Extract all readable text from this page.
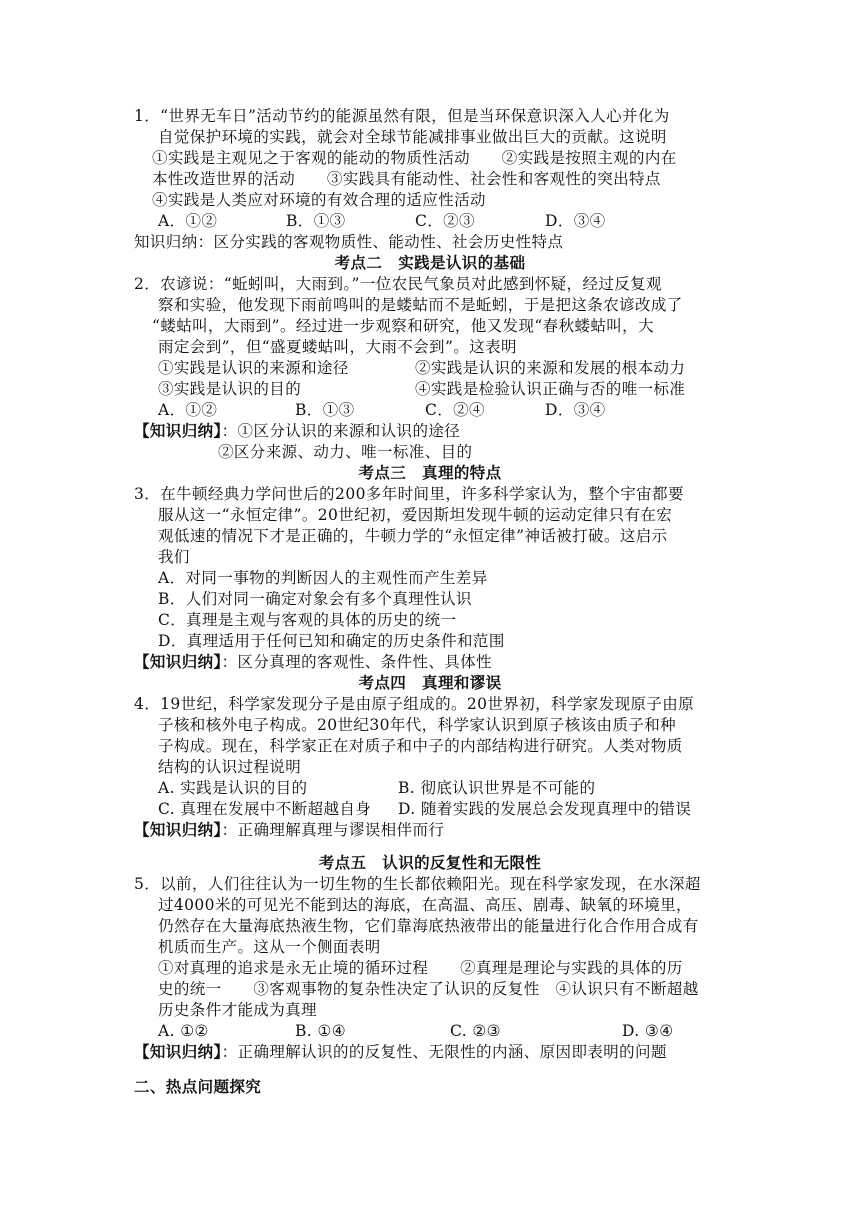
1．“世界无车日”活动节约的能源虽然有限，但是当环保意识深入人心并化为
自觉保护环境的实践，就会对全球节能减排事业做出巨大的贡献。这说明
①实践是主观见之于客观的能动的物质性活动　　②实践是按照主观的内在
本性改造世界的活动　　③实践具有能动性、社会性和客观性的突出特点
④实践是人类应对环境的有效合理的适应性活动
A．①②	B．①③	C．②③	D．③④
知识归纳：区分实践的客观物质性、能动性、社会历史性特点
考点二　实践是认识的基础
2．农谚说：“蚯蚓叫，大雨到。”一位农民气象员对此感到怀疑，经过反复观
察和实验，他发现下雨前鸣叫的是蝼蛄而不是蚯蚓，于是把这条农谚改成了
“蝼蛄叫，大雨到”。经过进一步观察和研究，他又发现“春秋蝼蛄叫，大
雨定会到”，但“盛夏蝼蛄叫，大雨不会到”。这表明
①实践是认识的来源和途径	②实践是认识的来源和发展的根本动力
③实践是认识的目的	④实践是检验认识正确与否的唯一标准
A．①②	B．①③	C．②④	D．③④
【知识归纳】：①区分认识的来源和认识的途径
②区分来源、动力、唯一标准、目的
考点三　真理的特点
3．在牛顿经典力学问世后的200多年时间里，许多科学家认为，整个宇宙都要
服从这一“永恒定律”。20世纪初，爱因斯坦发现牛顿的运动定律只有在宏
观低速的情况下才是正确的，牛顿力学的“永恒定律”神话被打破。这启示
我们
A．对同一事物的判断因人的主观性而产生差异
B．人们对同一确定对象会有多个真理性认识
C．真理是主观与客观的具体的历史的统一
D．真理适用于任何已知和确定的历史条件和范围
【知识归纳】：区分真理的客观性、条件性、具体性
考点四　真理和谬误
4．19世纪，科学家发现分子是由原子组成的。20世界初，科学家发现原子由原
子核和核外电子构成。20世纪30年代，科学家认识到原子核该由质子和种
子构成。现在，科学家正在对质子和中子的内部结构进行研究。人类对物质
结构的认识过程说明
A. 实践是认识的目的	B. 彻底认识世界是不可能的
C. 真理在发展中不断超越自身 D. 随着实践的发展总会发现真理中的错误
【知识归纳】：正确理解真理与谬误相伴而行
考点五　认识的反复性和无限性
5．以前，人们往往认为一切生物的生长都依赖阳光。现在科学家发现，在水深超
过4000米的可见光不能到达的海底，在高温、高压、剧毒、缺氧的环境里，
仍然存在大量海底热液生物，它们靠海底热液带出的能量进行化合作用合成有
机质而生产。这从一个侧面表明
①对真理的追求是永无止境的循环过程　　②真理是理论与实践的具体的历
史的统一　　③客观事物的复杂性决定了认识的反复性　④认识只有不断超越
历史条件才能成为真理
A. ①②	B. ①④	C. ②③	D. ③④
【知识归纳】：正确理解认识的的反复性、无限性的内涵、原因即表明的问题
二、热点问题探究
